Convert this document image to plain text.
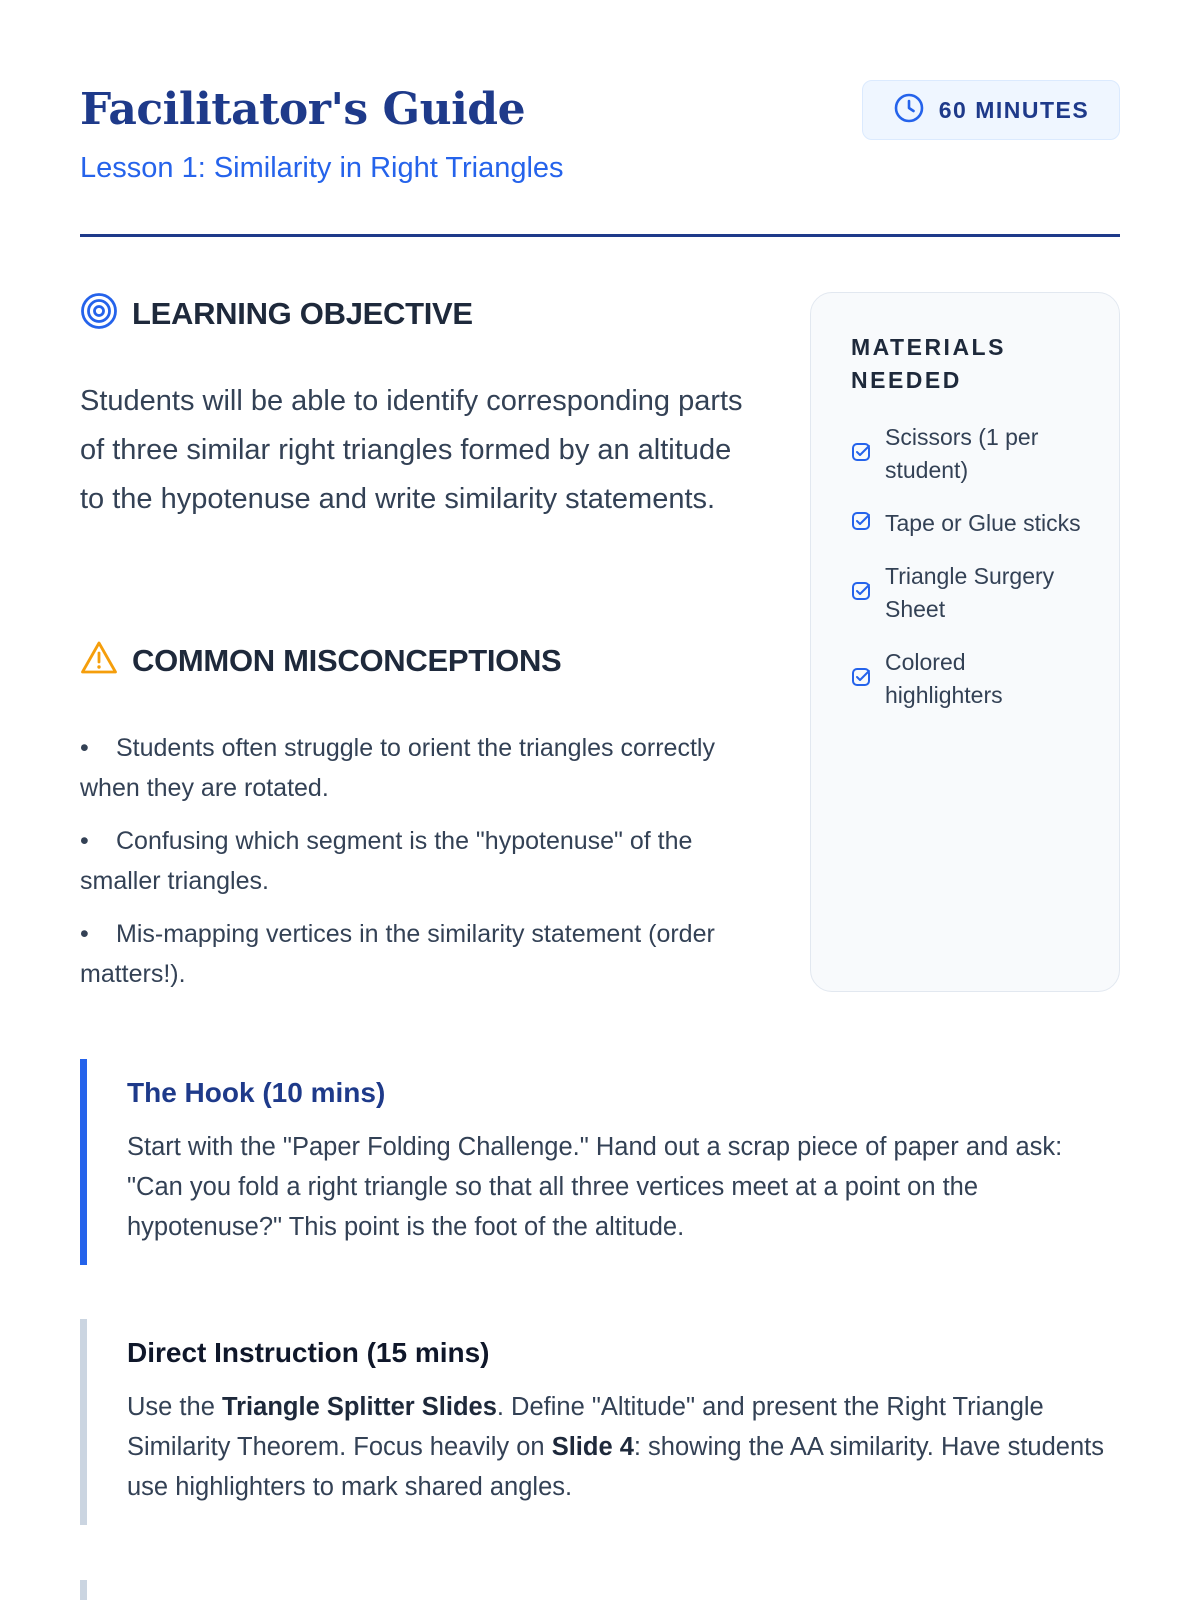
Facilitator's Guide

Lesson 1: Similarity in Right Triangles

60 MINUTES
LEARNING OBJECTIVE

Students will be able to identify corresponding parts of three similar right triangles formed by an altitude to the hypotenuse and write similarity statements.

COMMON MISCONCEPTIONS
• Students often struggle to orient the triangles correctly when they are rotated.
• Confusing which segment is the "hypotenuse" of the smaller triangles.
• Mis-mapping vertices in the similarity statement (order matters!).
MATERIALS NEEDED
Scissors (1 per student)
Tape or Glue sticks
Triangle Surgery Sheet
Colored highlighters
The Hook (10 mins)

Start with the "Paper Folding Challenge." Hand out a scrap piece of paper and ask: "Can you fold a right triangle so that all three vertices meet at a point on the hypotenuse?" This point is the foot of the altitude.

Direct Instruction (15 mins)

Use the Triangle Splitter Slides. Define "Altitude" and present the Right Triangle Similarity Theorem. Focus heavily on Slide 4: showing the AA similarity. Have students use highlighters to mark shared angles.
